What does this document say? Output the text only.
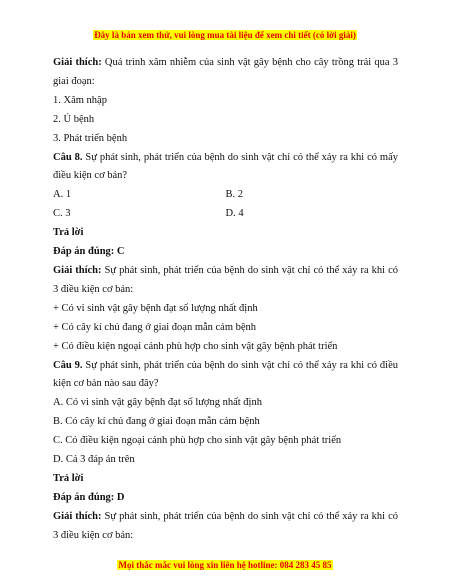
Đây là bản xem thử, vui lòng mua tài liệu để xem chi tiết (có lời giải)

Giải thích: Quá trình xâm nhiễm của sinh vật gây bệnh cho cây trồng trải qua 3 giai đoạn:

1. Xâm nhập

2. Ủ bệnh

3. Phát triển bệnh

Câu 8. Sự phát sinh, phát triển của bệnh do sinh vật chỉ có thể xảy ra khi có mấy điều kiện cơ bản?

A. 1	B. 2
C. 3	D. 4

Trả lời

Đáp án đúng: C

Giải thích: Sự phát sinh, phát triển của bệnh do sinh vật chỉ có thể xảy ra khi có 3 điều kiện cơ bản:

+ Có vi sinh vật gây bệnh đạt số lượng nhất định

+ Có cây kí chủ đang ở giai đoạn mẫn cảm bệnh

+ Có điều kiện ngoại cảnh phù hợp cho sinh vật gây bệnh phát triển

Câu 9. Sự phát sinh, phát triển của bệnh do sinh vật chỉ có thể xảy ra khi có điều kiện cơ bản nào sau đây?

A. Có vi sinh vật gây bệnh đạt số lượng nhất định

B. Có cây kí chủ đang ở giai đoạn mẫn cảm bệnh

C. Có điều kiện ngoại cảnh phù hợp cho sinh vật gây bệnh phát triển

D. Cả 3 đáp án trên

Trả lời

Đáp án đúng: D

Giải thích: Sự phát sinh, phát triển của bệnh do sinh vật chỉ có thể xảy ra khi có 3 điều kiện cơ bản:

Mọi thắc mắc vui lòng xin liên hệ hotline: 084 283 45 85
